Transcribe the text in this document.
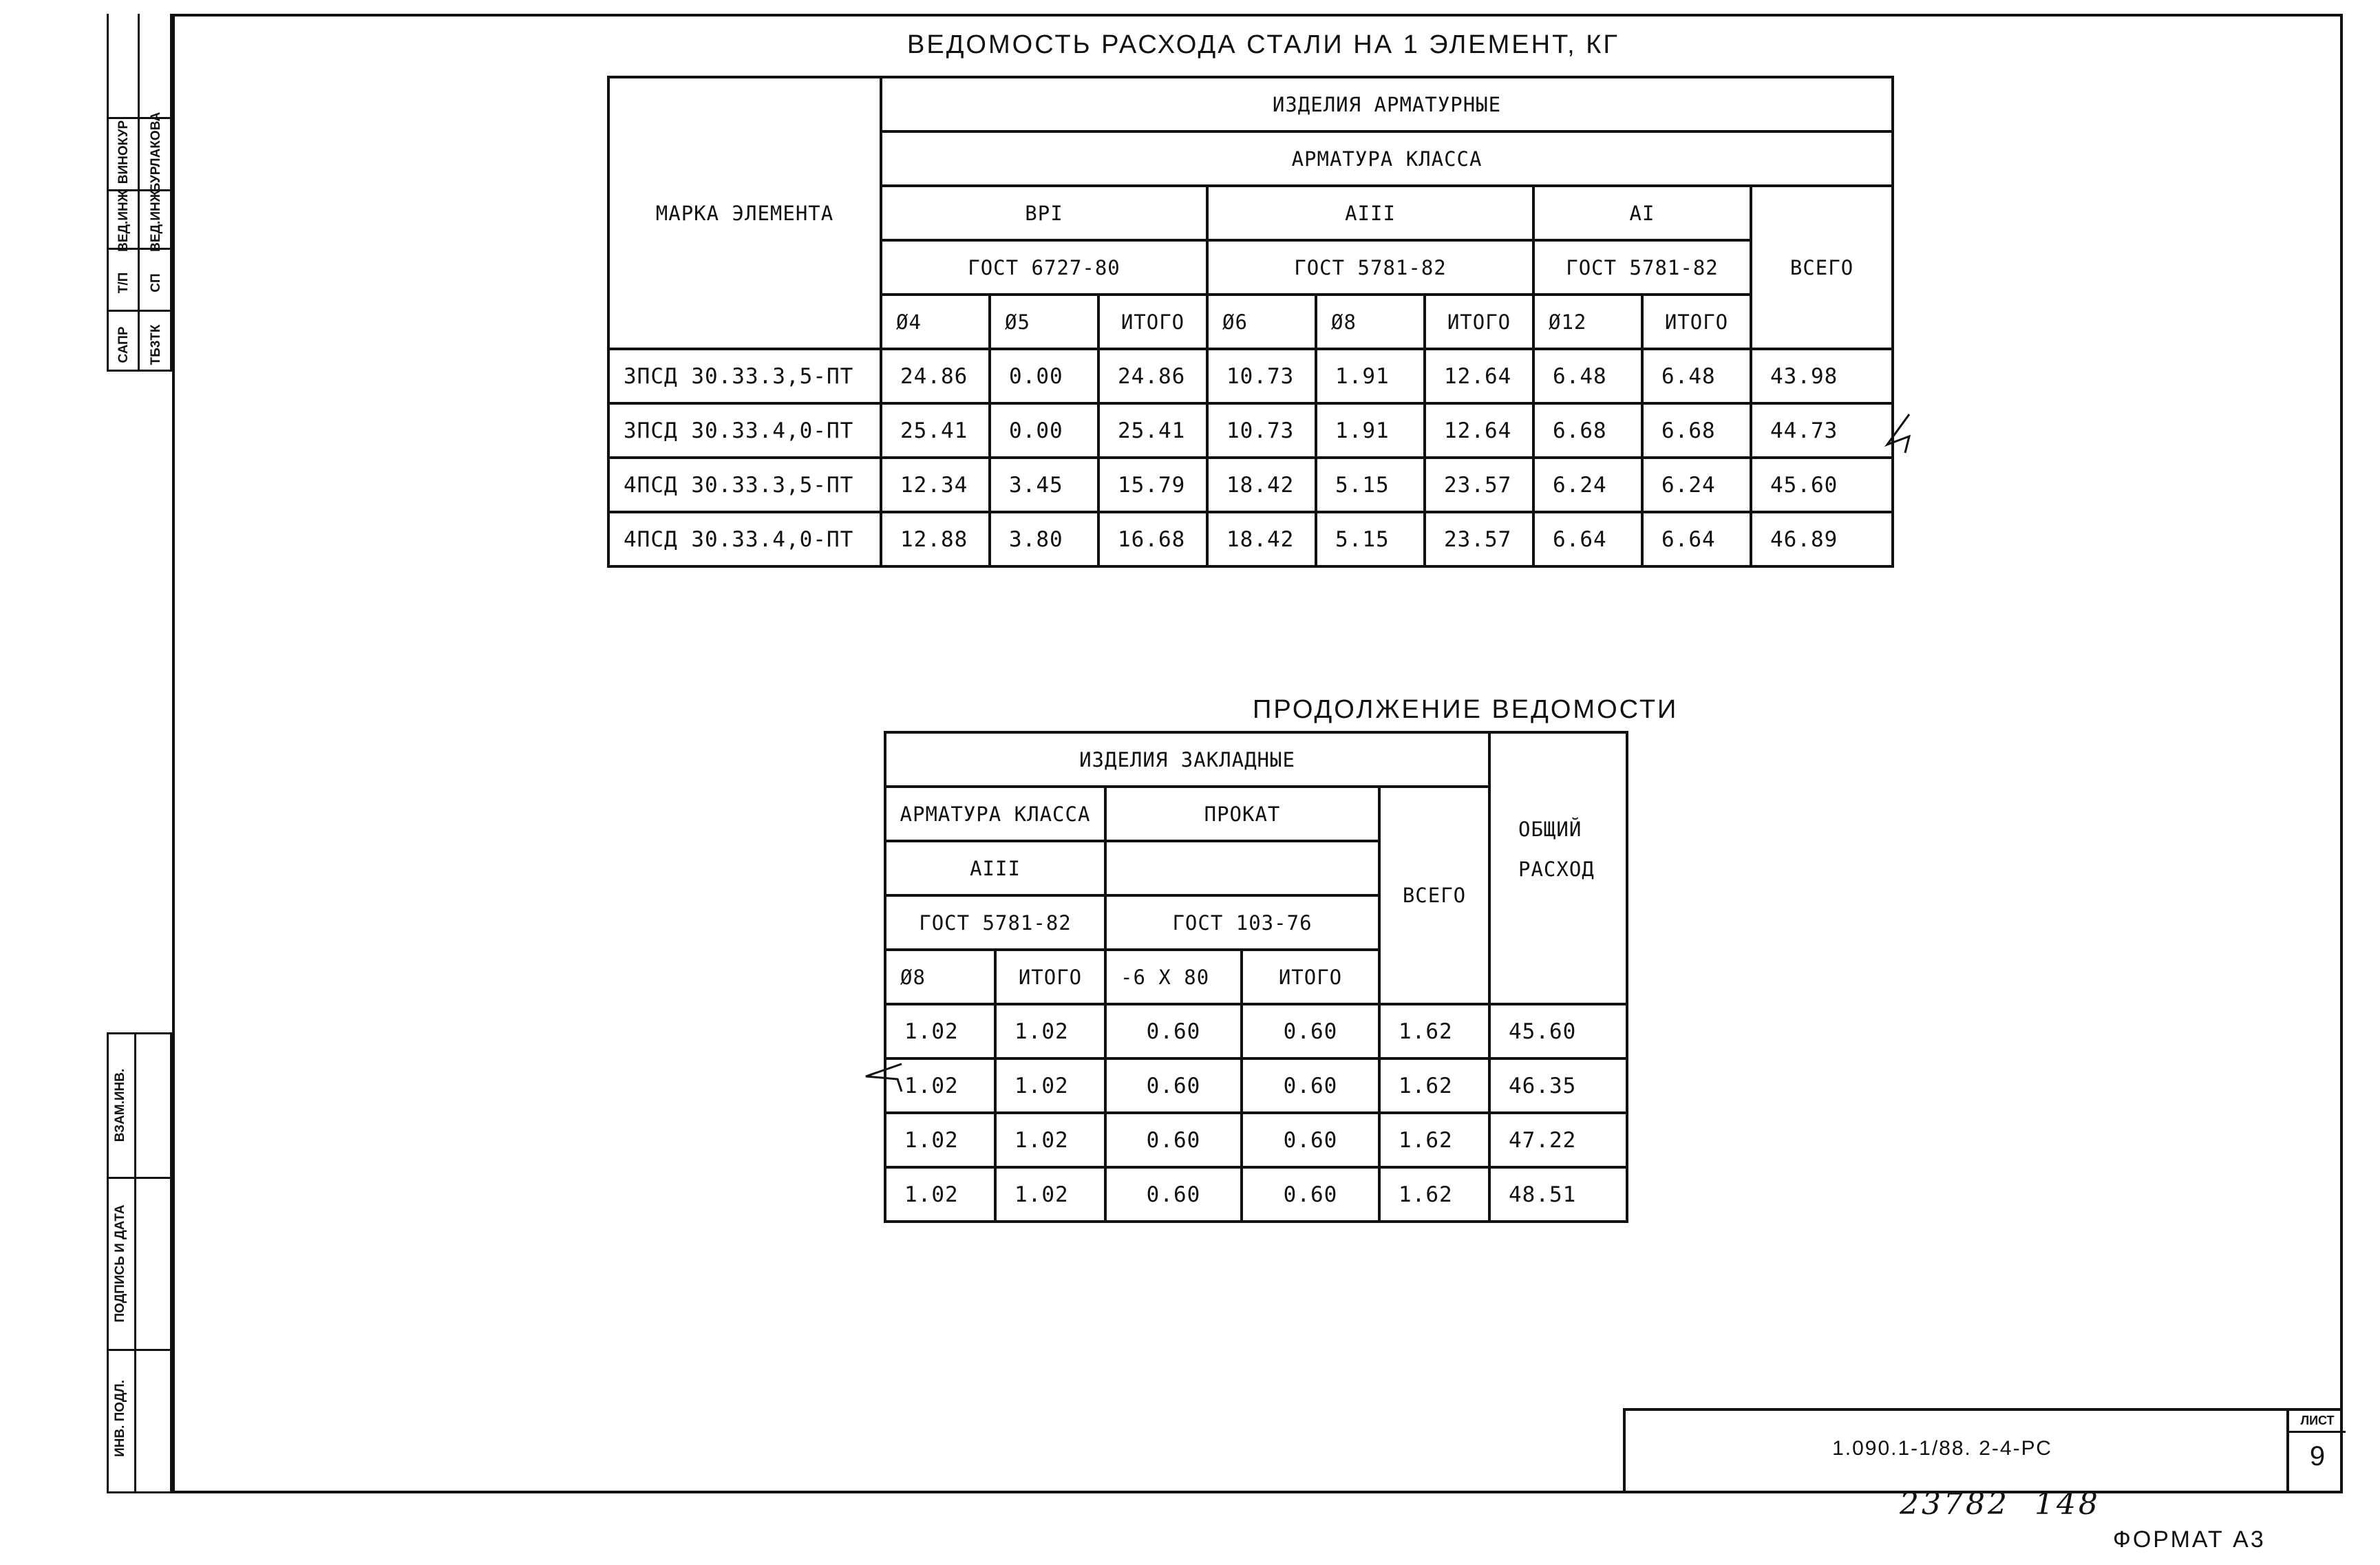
САПР ТБ3ТК
Т/П СП
ВЕД.ИНЖ ВЕД.ИНЖ
ВИНОКУР БУРЛАКОВА
ИНВ. ПОДЛ.
ПОДПИСЬ И ДАТА
ВЗАМ.ИНВ.
ВЕДОМОСТЬ РАСХОДА СТАЛИ НА 1 ЭЛЕМЕНТ, КГ
МАРКА ЭЛЕМЕНТА	ИЗДЕЛИЯ АРМАТУРНЫЕ								
	АРМАТУРА КЛАССА								
	ВРI			AIII			AI		ВСЕГО
	ГОСТ 6727-80			ГОСТ 5781-82			ГОСТ 5781-82		
	Ø4	Ø5	ИТОГО	Ø6	Ø8	ИТОГО	Ø12	ИТОГО	
3ПСД 30.33.3,5-ПТ	24.86	0.00	24.86	10.73	1.91	12.64	6.48	6.48	43.98
3ПСД 30.33.4,0-ПТ	25.41	0.00	25.41	10.73	1.91	12.64	6.68	6.68	44.73
4ПСД 30.33.3,5-ПТ	12.34	3.45	15.79	18.42	5.15	23.57	6.24	6.24	45.60
4ПСД 30.33.4,0-ПТ	12.88	3.80	16.68	18.42	5.15	23.57	6.64	6.64	46.89
ПРОДОЛЖЕНИЕ ВЕДОМОСТИ
ИЗДЕЛИЯ ЗАКЛАДНЫЕ					ОБЩИЙ
РАСХОД
АРМАТУРА КЛАССА		ПРОКАТ		ВСЕГО	
AIII					
ГОСТ 5781-82		ГОСТ 103-76			
Ø8	ИТОГО	-6 X 80	ИТОГО		
1.02	1.02	0.60	0.60	1.62	45.60
1.02	1.02	0.60	0.60	1.62	46.35
1.02	1.02	0.60	0.60	1.62	47.22
1.02	1.02	0.60	0.60	1.62	48.51
1.090.1-1/88. 2-4-РС
ЛИСТ
9
23782  148
ФОРМАТ А3
